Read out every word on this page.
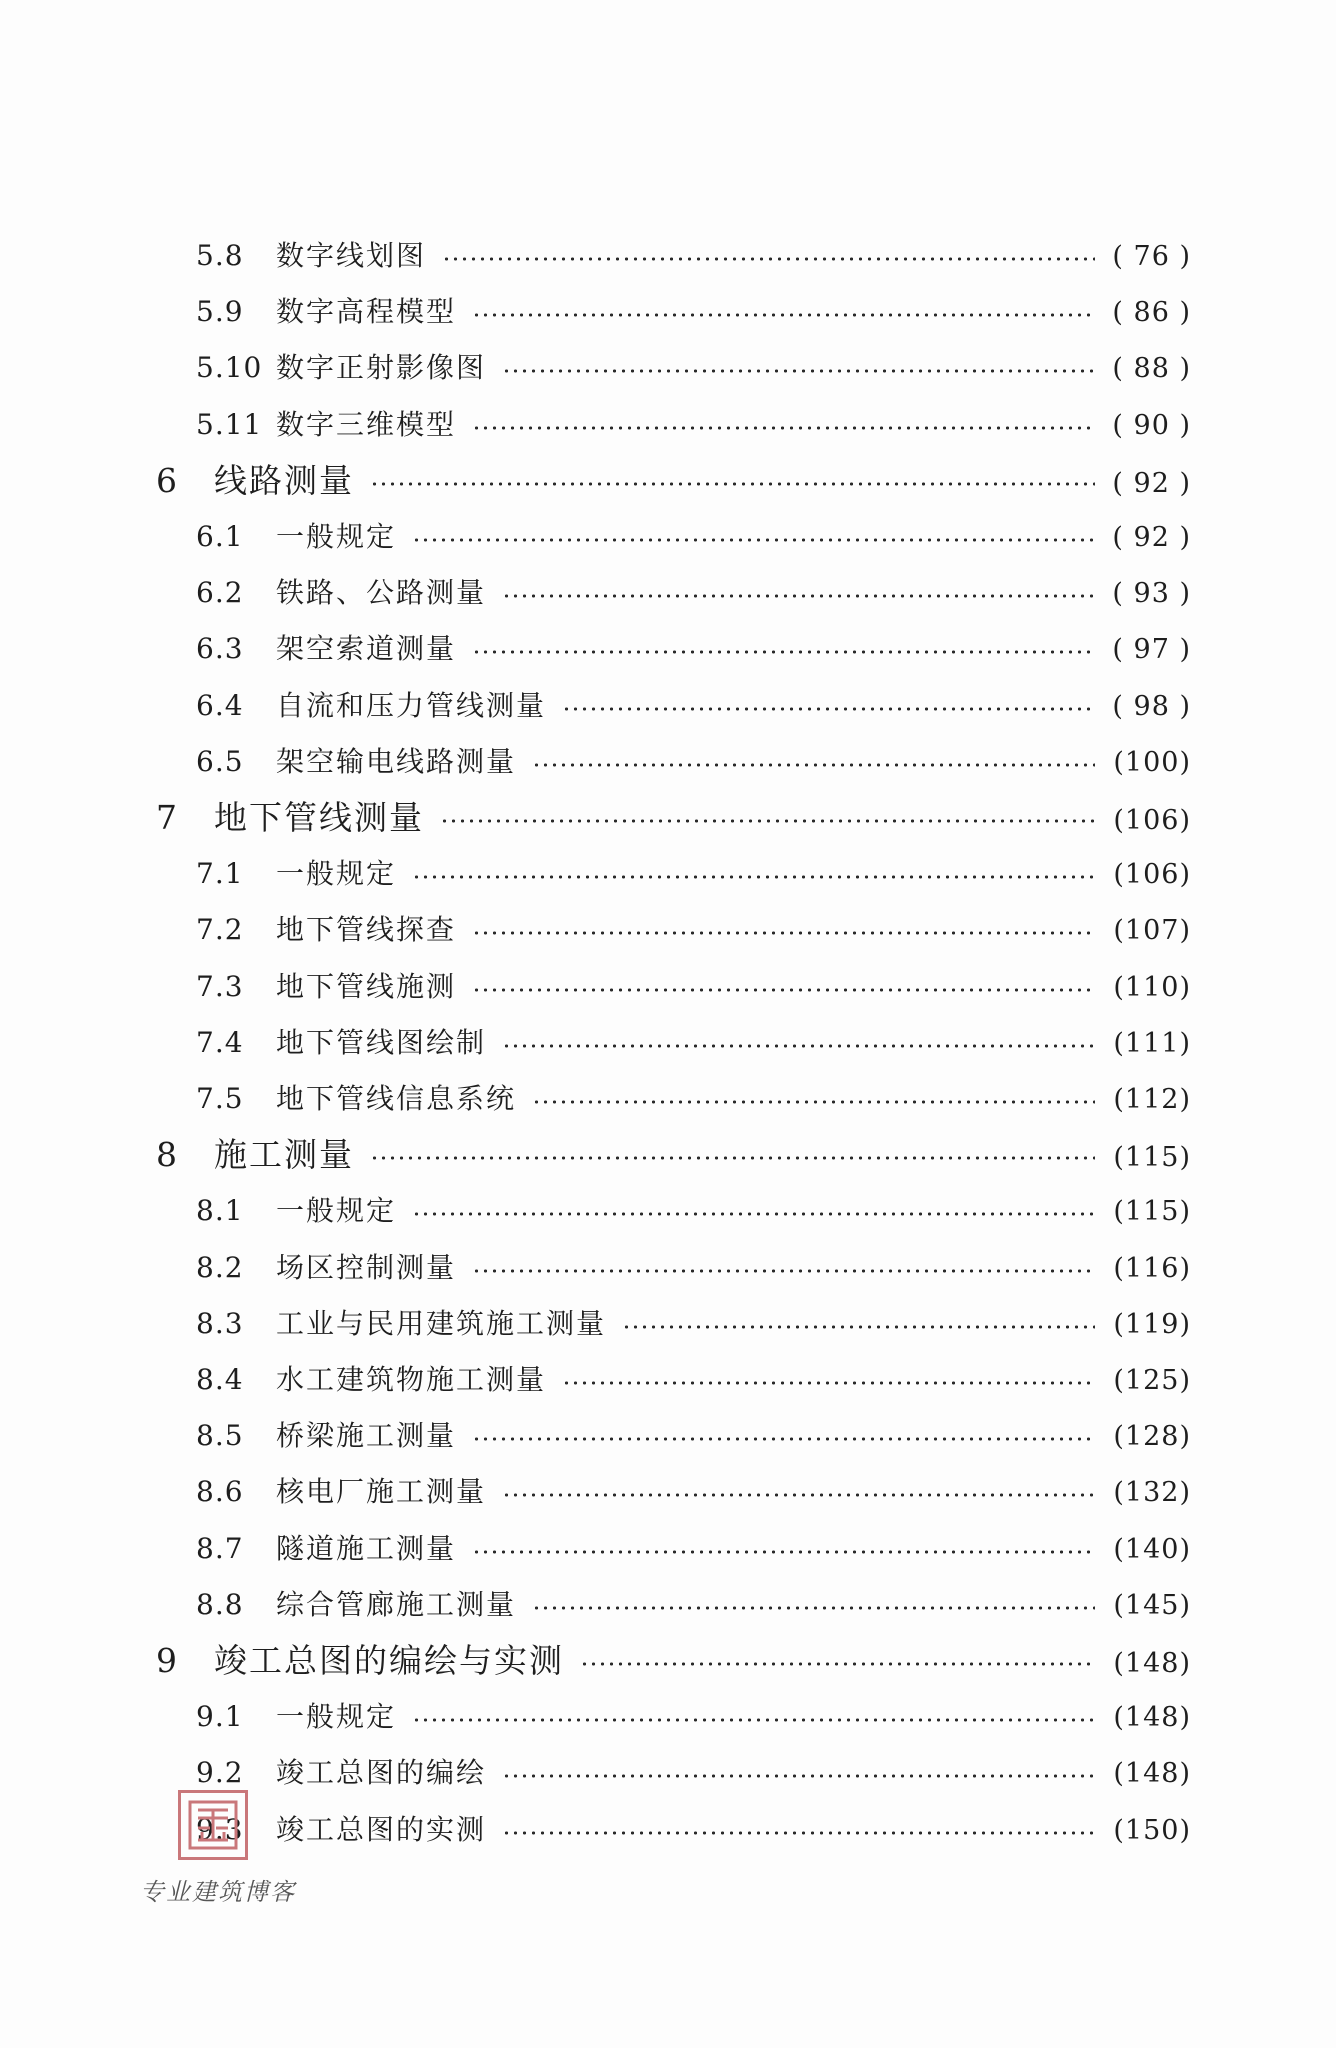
5.8	数字线划图	( 76 )
5.9	数字高程模型	( 86 )
5.10 数字正射影像图	( 88 )
5.11 数字三维模型	( 90 )
6	线路测量	( 92 )
6.1	一般规定	( 92 )
6.2	铁路、公路测量	( 93 )
6.3	架空索道测量	( 97 )
6.4	自流和压力管线测量	( 98 )
6.5	架空输电线路测量	(100)
7	地下管线测量	(106)
7.1	一般规定	(106)
7.2	地下管线探查	(107)
7.3	地下管线施测	(110)
7.4	地下管线图绘制	(111)
7.5	地下管线信息系统	(112)
8	施工测量	(115)
8.1	一般规定	(115)
8.2	场区控制测量	(116)
8.3	工业与民用建筑施工测量	(119)
8.4	水工建筑物施工测量	(125)
8.5	桥梁施工测量	(128)
8.6	核电厂施工测量	(132)
8.7	隧道施工测量	(140)
8.8	综合管廊施工测量	(145)
9	竣工总图的编绘与实测	(148)
9.1	一般规定	(148)
9.2	竣工总图的编绘	(148)
9.3	竣工总图的实测	(150)
专业建筑博客
